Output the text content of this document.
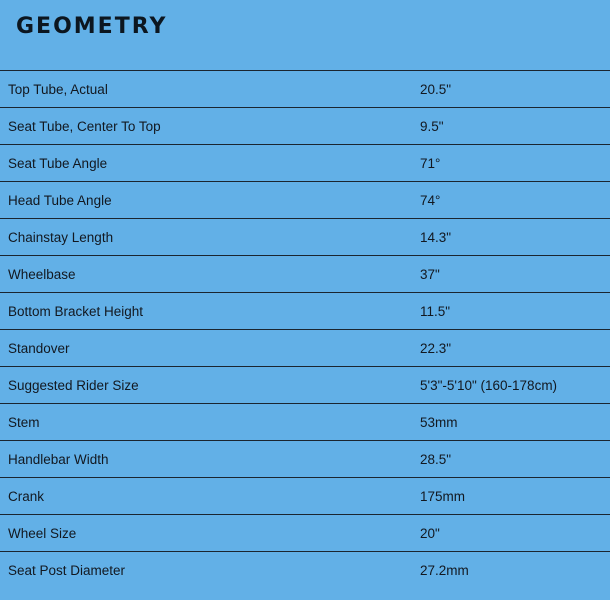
GEOMETRY
Top Tube, Actual	20.5"
Seat Tube, Center To Top	9.5"
Seat Tube Angle	71°
Head Tube Angle	74°
Chainstay Length	14.3"
Wheelbase	37"
Bottom Bracket Height	11.5"
Standover	22.3"
Suggested Rider Size	5'3"-5'10" (160-178cm)
Stem	53mm
Handlebar Width	28.5"
Crank	175mm
Wheel Size	20"
Seat Post Diameter	27.2mm
